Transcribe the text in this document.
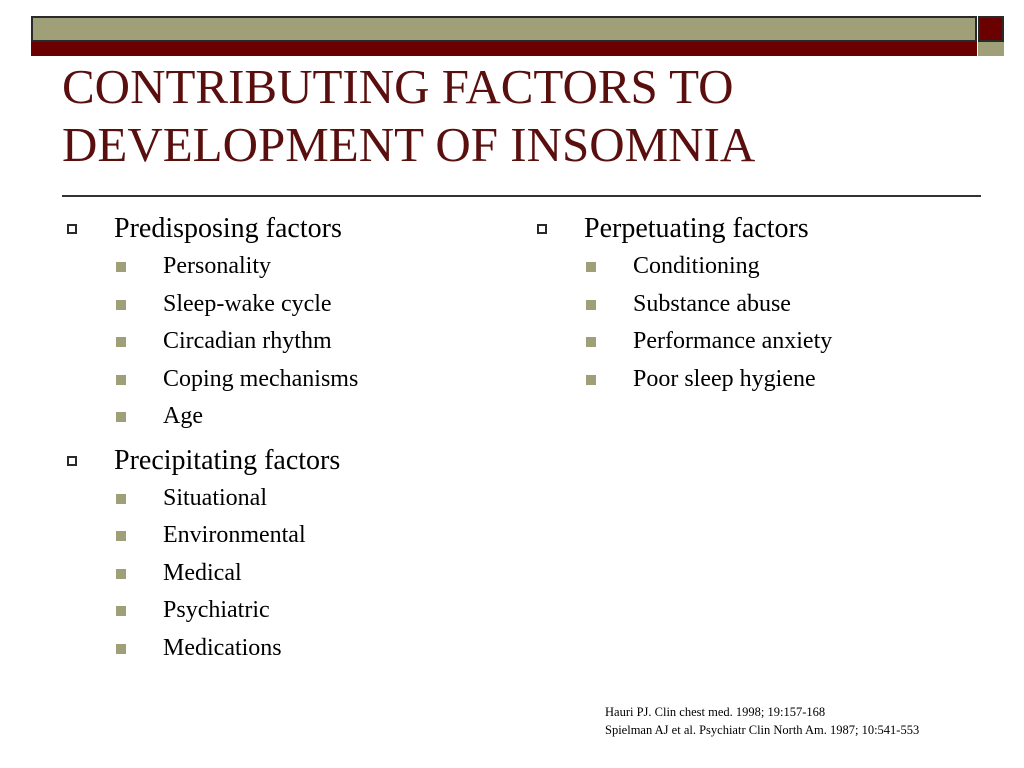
CONTRIBUTING FACTORS TO
DEVELOPMENT OF INSOMNIA
Predisposing factors
Personality
Sleep-wake cycle
Circadian rhythm
Coping mechanisms
Age
Precipitating factors
Situational
Environmental
Medical
Psychiatric
Medications
Perpetuating factors
Conditioning
Substance abuse
Performance anxiety
Poor sleep hygiene
Hauri PJ. Clin chest med. 1998; 19:157-168
Spielman AJ et al. Psychiatr Clin North Am. 1987; 10:541-553
